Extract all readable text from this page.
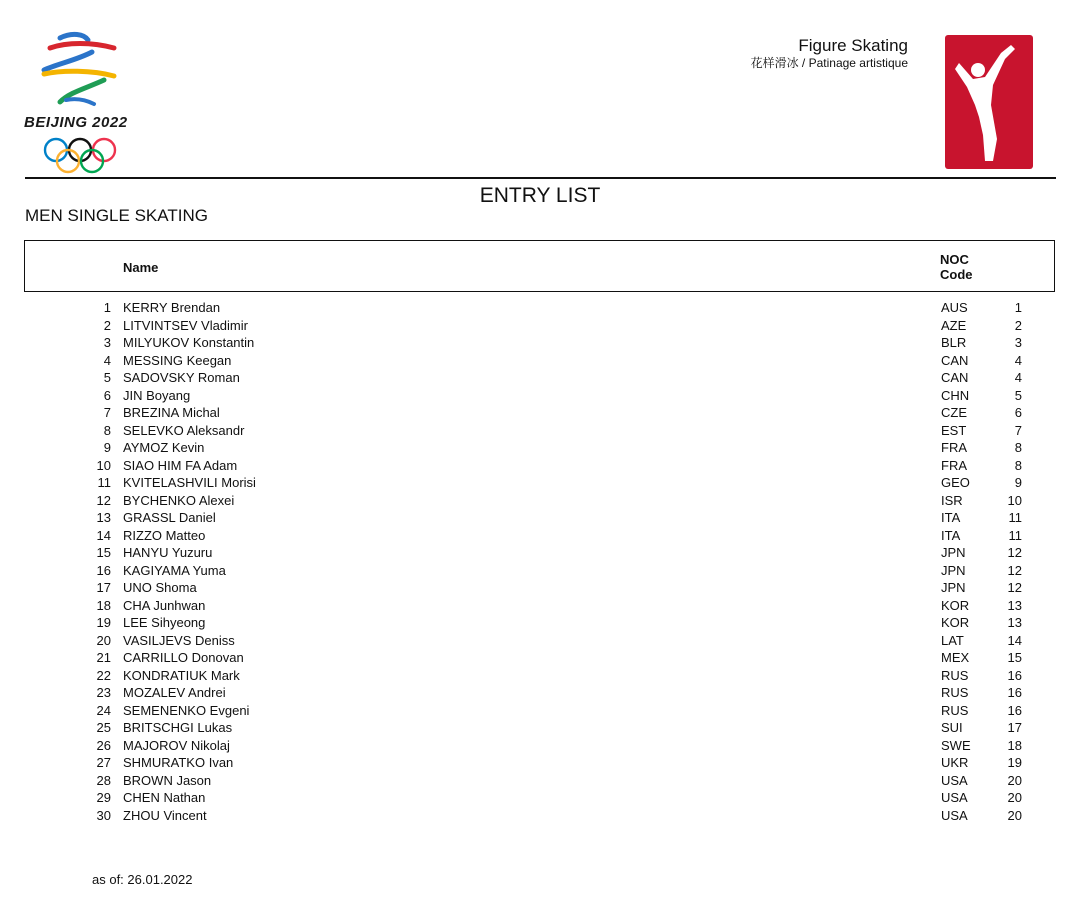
BEIJING 2022
Figure Skating
花样滑冰 / Patinage artistique
ENTRY LIST
MEN SINGLE SKATING
Name
NOC
Code
1 KERRY Brendan	AUS	1
2 LITVINTSEV Vladimir	AZE	2
3 MILYUKOV Konstantin	BLR	3
4 MESSING Keegan	CAN	4
5 SADOVSKY Roman	CAN	4
6 JIN Boyang	CHN	5
7 BREZINA Michal	CZE	6
8 SELEVKO Aleksandr	EST	7
9 AYMOZ Kevin	FRA	8
10 SIAO HIM FA Adam	FRA	8
11 KVITELASHVILI Morisi	GEO	9
12 BYCHENKO Alexei	ISR	10
13 GRASSL Daniel	ITA	11
14 RIZZO Matteo	ITA	11
15 HANYU Yuzuru	JPN	12
16 KAGIYAMA Yuma	JPN	12
17 UNO Shoma	JPN	12
18 CHA Junhwan	KOR	13
19 LEE Sihyeong	KOR	13
20 VASILJEVS Deniss	LAT	14
21 CARRILLO Donovan	MEX	15
22 KONDRATIUK Mark	RUS	16
23 MOZALEV Andrei	RUS	16
24 SEMENENKO Evgeni	RUS	16
25 BRITSCHGI Lukas	SUI	17
26 MAJOROV Nikolaj	SWE	18
27 SHMURATKO Ivan	UKR	19
28 BROWN Jason	USA	20
29 CHEN Nathan	USA	20
30 ZHOU Vincent	USA	20
as of: 26.01.2022
